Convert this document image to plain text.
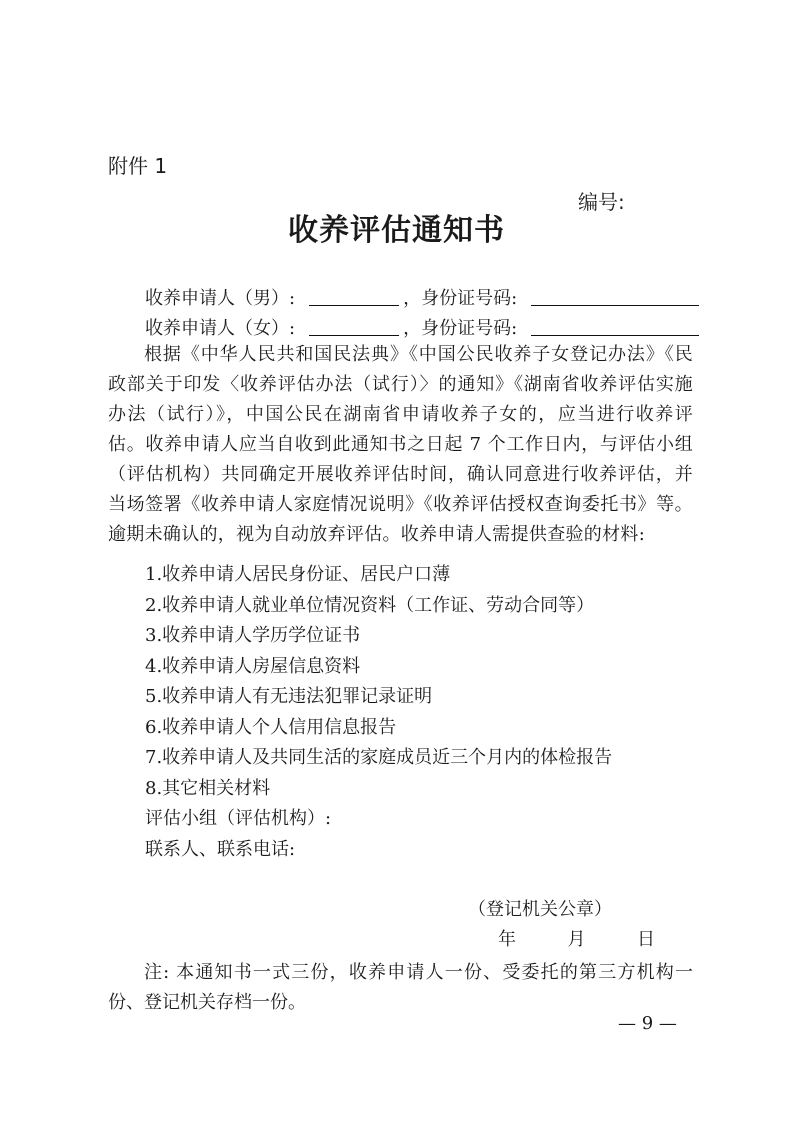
附件 1
编号:
收养评估通知书
收养申请人（男）:	，身份证号码:
收养申请人（女）:	，身份证号码:
根据《中华人民共和国民法典》《中国公民收养子女登记办法》《民政部关于印发〈收养评估办法（试行）〉的通知》《湖南省收养评估实施办法（试行）》，中国公民在湖南省申请收养子女的，应当进行收养评估。收养申请人应当自收到此通知书之日起 7 个工作日内，与评估小组（评估机构）共同确定开展收养评估时间，确认同意进行收养评估，并当场签署《收养申请人家庭情况说明》《收养评估授权查询委托书》等。逾期未确认的，视为自动放弃评估。收养申请人需提供查验的材料:
1.收养申请人居民身份证、居民户口薄
2.收养申请人就业单位情况资料（工作证、劳动合同等）
3.收养申请人学历学位证书
4.收养申请人房屋信息资料
5.收养申请人有无违法犯罪记录证明
6.收养申请人个人信用信息报告
7.收养申请人及共同生活的家庭成员近三个月内的体检报告
8.其它相关材料
评估小组（评估机构）:
联系人、联系电话:
（登记机关公章）
年	月	日
注: 本通知书一式三份，收养申请人一份、受委托的第三方机构一份、登记机关存档一份。
— 9 —
